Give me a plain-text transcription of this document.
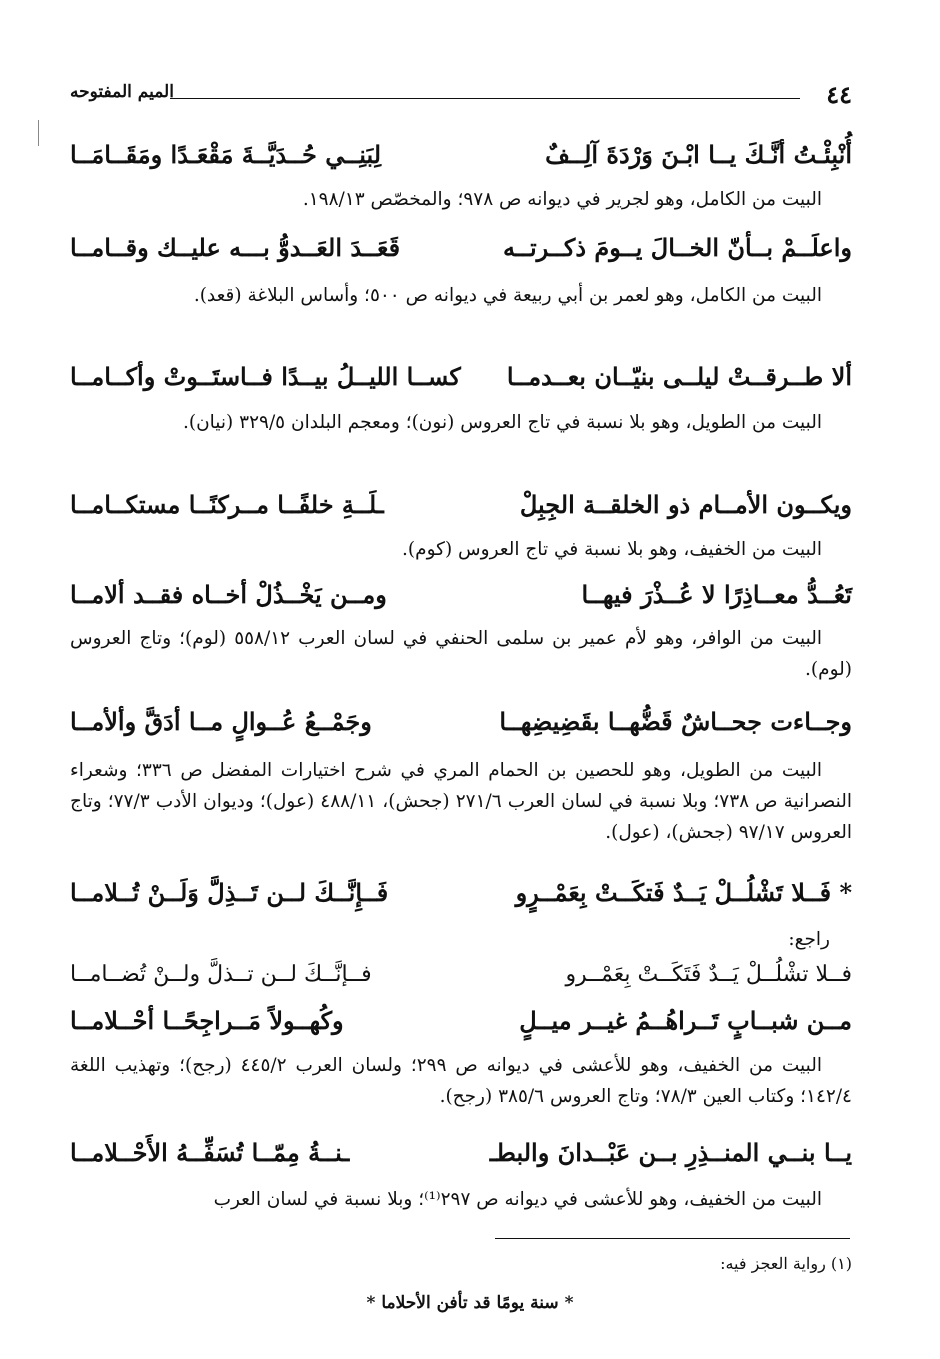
٤٤
الميم المفتوحه
أُنْبِئْـتُ أنَّـكَ يــا ابْـنَ وَرْدَةَ آلِــفٌ
لِبَنِــي حُــدَيَّــةَ مَقْعَـدًا ومَقَــامَــا
البيت من الكامل، وهو لجرير في ديوانه ص ٩٧٨؛ والمخصّص ١٩٨/١٣.
واعلَــمْ بــأنّ الخــالَ يــومَ ذكــرتــه
قَعَــدَ العَــدوُّ بـــه عليــك وقــامــا
البيت من الكامل، وهو لعمر بن أبي ربيعة في ديوانه ص ٥٠٠؛ وأساس البلاغة (قعد).
ألا طــرقــتْ ليلــى بنيّــان بعــدمــا
كســا الليــلُ بيــدًا فــاستَــوتْ وأكــامــا
البيت من الطويل، وهو بلا نسبة في تاج العروس (نون)؛ ومعجم البلدان ٣٢٩/٥ (نيان).
ويكــون الأمــام ذو الخلقــة الجِبِلْ
ـلَــةِ خلفًــا مــركنًــا مستكــامــا
البيت من الخفيف، وهو بلا نسبة في تاج العروس (كوم).
تَعُــدُّ معــاذِرًا لا عُــذْرَ فيهــا
ومــن يَخْــذُلْ أخــاه فقــد ألامــا
البيت من الوافر، وهو لأم عمير بن سلمى الحنفي في لسان العرب ٥٥٨/١٢ (لوم)؛ وتاج العروس (لوم).
وجــاءت جحــاشٌ قَضُّهــا بقَضِيضِهــا
وجَمْــعُ عُــوالٍ مــا أدَقَّ وألأمــا
البيت من الطويل، وهو للحصين بن الحمام المري في شرح اختيارات المفضل ص ٣٣٦؛ وشعراء النصرانية ص ٧٣٨؛ وبلا نسبة في لسان العرب ٢٧١/٦ (جحش)، ٤٨٨/١١ (عول)؛ وديوان الأدب ٧٧/٣؛ وتاج العروس ٩٧/١٧ (جحش)، (عول).
* فَــلا تَشْلُــلْ يَــدٌ فَتكَــتْ بِعَمْــرٍو
فَــإِنَّــكَ لــن تَــذِلَّ وَلَــنْ تُــلامــا
راجع:
فــلا تشْلُــلْ يَــدٌ فَتَكَــتْ بِعَمْــرو
فــإنَّــكَ لــن تــذلَّ ولــنْ تُضــامــا
مــن شبــابٍ تَــراهُــمُ غيــر ميــلٍ
وكُهــولاً مَــراجِحًــا أحْــلامــا
البيت من الخفيف، وهو للأعشى في ديوانه ص ٢٩٩؛ ولسان العرب ٤٤٥/٢ (رجح)؛ وتهذيب اللغة ١٤٢/٤؛ وكتاب العين ٧٨/٣؛ وتاج العروس ٣٨٥/٦ (رجح).
يــا بنــي المنــذِرِ بــن عَبْــدانَ والبطـ
ـنــةُ مِمّــا تُسَفِّــهُ الأَحْــلامــا
البيت من الخفيف، وهو للأعشى في ديوانه ص ٢٩٧⁽¹⁾؛ وبلا نسبة في لسان العرب
(١) رواية العجز فيه:
* سنة يومًا قد تأفن الأحلاما *
